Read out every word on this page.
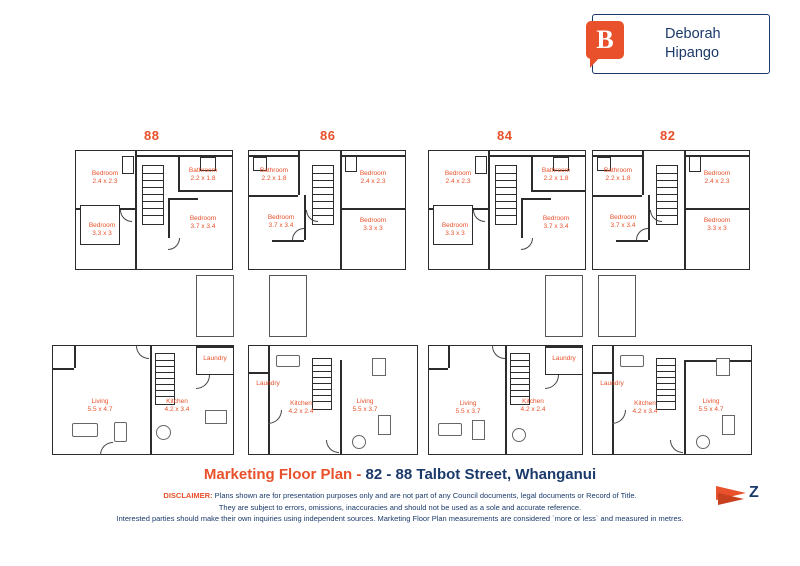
B	Deborah
Hipango
88	86	84	82
Bedroom
2.4 x 2.3
Bathroom
2.2 x 1.8
Bedroom
3.3 x 3
Bedroom
3.7 x 3.4
Bathroom
2.2 x 1.8
Bedroom
2.4 x 2.3
Bedroom
3.7 x 3.4
Bedroom
3.3 x 3
Bedroom
2.4 x 2.3
Bathroom
2.2 x 1.8
Bedroom
3.3 x 3
Bedroom
3.7 x 3.4
Bathroom
2.2 x 1.8
Bedroom
2.4 x 2.3
Bedroom
3.7 x 3.4
Bedroom
3.3 x 3
Living
5.5 x 4.7
Kitchen
4.2 x 3.4
Laundry
Laundry
Kitchen
4.2 x 2.4
Living
5.5 x 3.7
Living
5.5 x 3.7
Kitchen
4.2 x 2.4
Laundry
Laundry
Kitchen
4.2 x 3.4
Living
5.5 x 4.7
Marketing Floor Plan - 82 - 88 Talbot Street, Whanganui
DISCLAIMER: Plans shown are for presentation purposes only and are not part of any Council documents, legal documents or Record of Title.
They are subject to errors, omissions, inaccuracies and should not be used as a sole and accurate reference.
Interested parties should make their own inquiries using independent sources. Marketing Floor Plan measurements are considered `more or less` and measured in metres.
Z
